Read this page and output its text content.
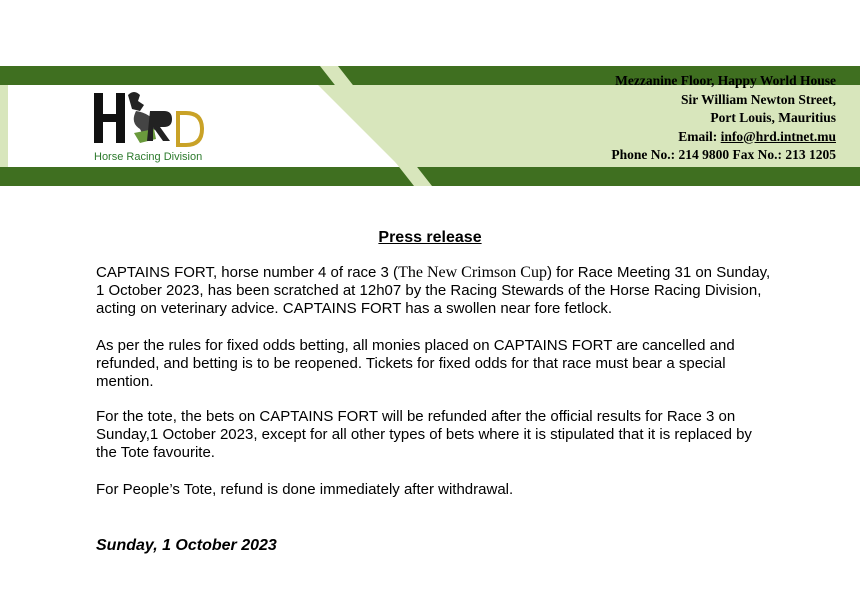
Horse Racing Division
Mezzanine Floor, Happy World House
Sir William Newton Street,
Port Louis, Mauritius
Email: info@hrd.intnet.mu
Phone No.: 214 9800 Fax No.: 213 1205
Press release
CAPTAINS FORT, horse number 4 of race 3 (The New Crimson Cup) for Race Meeting 31 on Sunday, 1 October 2023, has been scratched at 12h07 by the Racing Stewards of the Horse Racing Division, acting on veterinary advice. CAPTAINS FORT has a swollen near fore fetlock.
As per the rules for fixed odds betting, all monies placed on CAPTAINS FORT are cancelled and refunded, and betting is to be reopened. Tickets for fixed odds for that race must bear a special mention.
For the tote, the bets on CAPTAINS FORT will be refunded after the official results for Race 3 on Sunday,1 October 2023, except for all other types of bets where it is stipulated that it is replaced by the Tote favourite.
For People’s Tote, refund is done immediately after withdrawal.
Sunday, 1 October 2023
